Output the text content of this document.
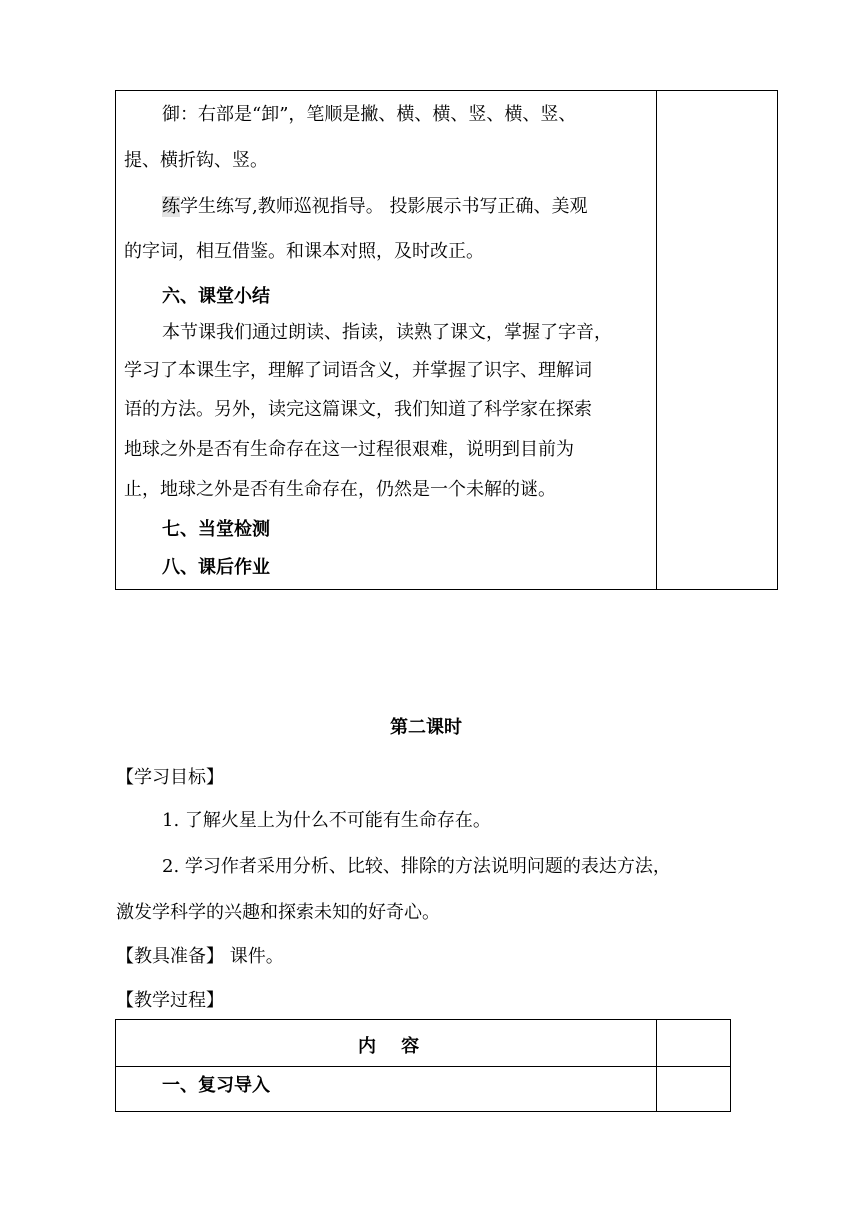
御：右部是“卸”，笔顺是撇、横、横、竖、横、竖、
提、横折钩、竖。
练学生练写,教师巡视指导。 投影展示书写正确、美观
的字词，相互借鉴。和课本对照，及时改正。
六、课堂小结
本节课我们通过朗读、指读，读熟了课文，掌握了字音，
学习了本课生字，理解了词语含义，并掌握了识字、理解词
语的方法。另外，读完这篇课文，我们知道了科学家在探索
地球之外是否有生命存在这一过程很艰难，说明到目前为
止，地球之外是否有生命存在，仍然是一个未解的谜。
七、当堂检测
八、课后作业
第二课时
【学习目标】
1. 了解火星上为什么不可能有生命存在。
2. 学习作者采用分析、比较、排除的方法说明问题的表达方法，
激发学科学的兴趣和探索未知的好奇心。
【教具准备】 课件。
【教学过程】
内    容
一、复习导入
